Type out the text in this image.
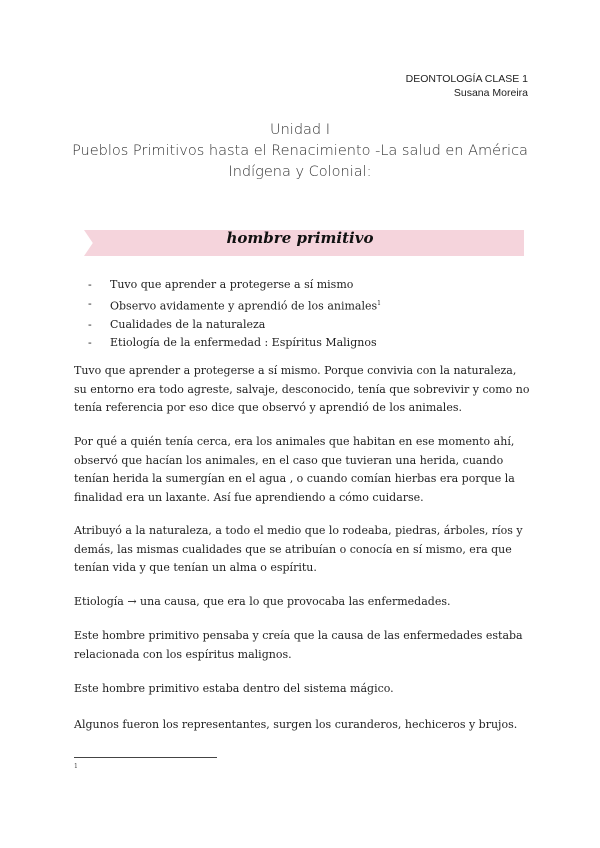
DEONTOLOGÍA CLASE 1
Susana Moreira
Unidad I
Pueblos Primitivos hasta el Renacimiento -La salud en América Indígena y Colonial:
hombre primitivo
- Tuvo que aprender a protegerse a sí mismo
- Observo avidamente y aprendió de los animales$^1$
- Cualidades de la naturaleza
- Etiología de la enfermedad : Espíritus Malignos

Tuvo que aprender a protegerse a sí mismo. Porque convivia con la naturaleza, su entorno era todo agreste, salvaje, desconocido, tenía que sobrevivir y como no tenía referencia por eso dice que observó y aprendió de los animales.

Por qué a quién tenía cerca, era los animales que habitan en ese momento ahí, observó que hacían los animales, en el caso que tuvieran una herida, cuando tenían herida la sumergían en el agua , o cuando comían hierbas era porque la finalidad era un laxante. Así fue aprendiendo a cómo cuidarse.

Atribuyó a la naturaleza, a todo el medio que lo rodeaba, piedras, árboles, ríos y demás, las mismas cualidades que se atribuían o conocía en sí mismo, era que tenían vida y que tenían un alma o espíritu.

Etiología → una causa, que era lo que provocaba las enfermedades.

Este hombre primitivo pensaba y creía que la causa de las enfermedades estaba relacionada con los espíritus malignos.

Este hombre primitivo estaba dentro del sistema mágico.

Algunos fueron los representantes, surgen los curanderos, hechiceros y brujos.

1
